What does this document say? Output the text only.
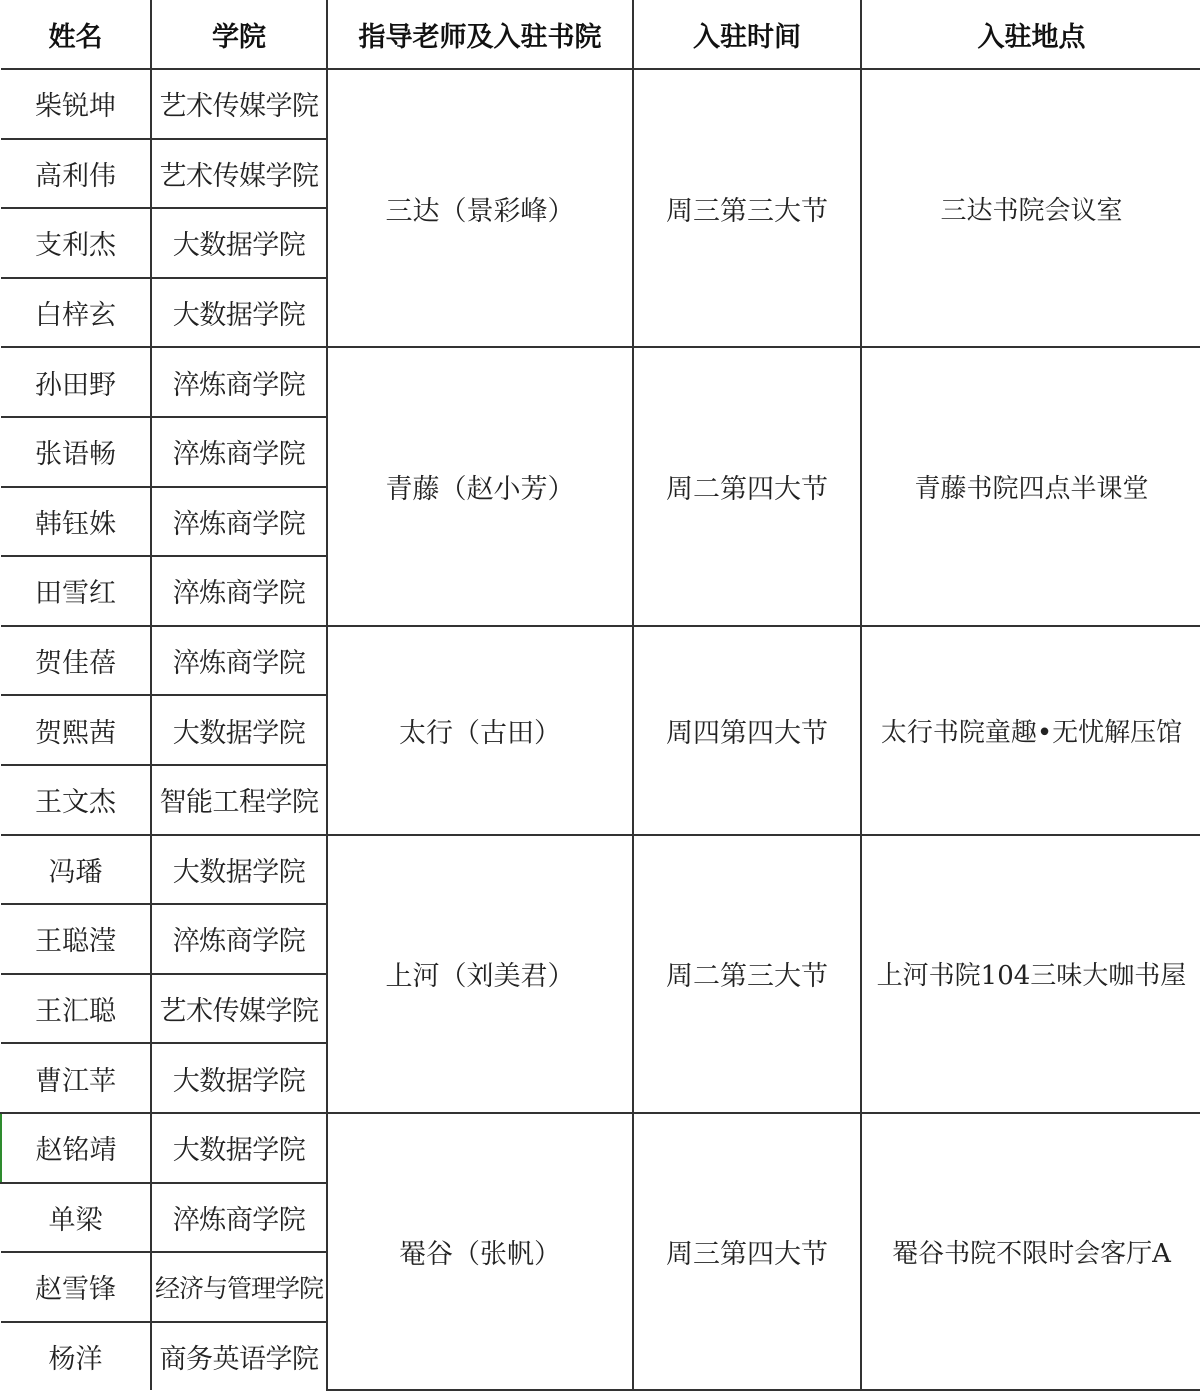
姓名	学院	指导老师及入驻书院	入驻时间	入驻地点
柴锐坤	艺术传媒学院	三达（景彩峰）	周三第三大节	三达书院会议室
高利伟	艺术传媒学院			
支利杰	大数据学院			
白梓玄	大数据学院			
孙田野	淬炼商学院	青藤（赵小芳）	周二第四大节	青藤书院四点半课堂
张语畅	淬炼商学院			
韩钰姝	淬炼商学院			
田雪红	淬炼商学院			
贺佳蓓	淬炼商学院	太行（古田）	周四第四大节	太行书院童趣•无忧解压馆
贺熙茜	大数据学院			
王文杰	智能工程学院			
冯璠	大数据学院	上河（刘美君）	周二第三大节	上河书院104三味大咖书屋
王聪滢	淬炼商学院			
王汇聪	艺术传媒学院			
曹江苹	大数据学院			
赵铭靖	大数据学院	罨谷（张帆）	周三第四大节	罨谷书院不限时会客厅A
单梁	淬炼商学院			
赵雪锋	经济与管理学院			
杨洋	商务英语学院			
